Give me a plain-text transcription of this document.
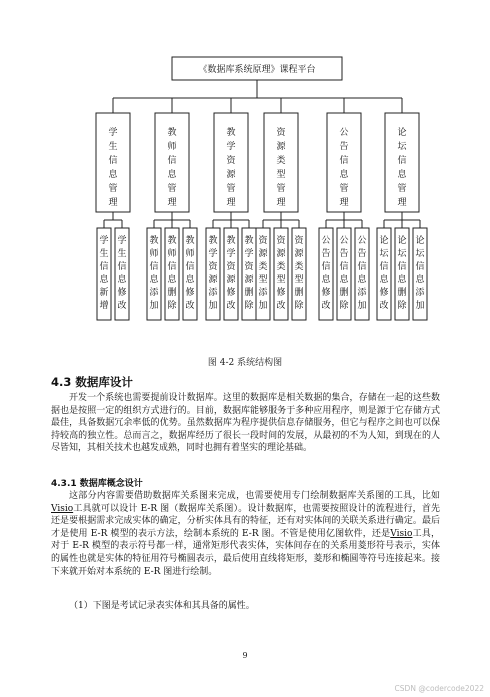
《数据库系统原理》课程平台
学生信息管理
学生信息新增
学生信息修改
教师信息管理
教师信息添加
教师信息删除
教师信息修改
教学资源管理
教学资源添加
教学资源修改
教学资源删除
资源类型管理
资源类型添加
资源类型修改
资源类型删除
公告信息管理
公告信息修改
公告信息删除
公告信息添加
论坛信息管理
论坛信息修改
论坛信息删除
论坛信息添加
图 4-2 系统结构图
4.3 数据库设计

开发一个系统也需要提前设计数据库。这里的数据库是相关数据的集合，存储在一起的这些数据也是按照一定的组织方式进行的。目前，数据库能够服务于多种应用程序，则是源于它存储方式最佳，具备数据冗余率低的优势。虽然数据库为程序提供信息存储服务，但它与程序之间也可以保持较高的独立性。总而言之，数据库经历了很长一段时间的发展，从最初的不为人知，到现在的人尽皆知，其相关技术也越发成熟，同时也拥有着坚实的理论基础。

4.3.1 数据库概念设计

这部分内容需要借助数据库关系图来完成，也需要使用专门绘制数据库关系图的工具，比如Visio工具就可以设计 E-R 图（数据库关系图）。设计数据库，也需要按照设计的流程进行，首先还是要根据需求完成实体的确定，分析实体具有的特征，还有对实体间的关联关系进行确定。最后才是使用 E-R 模型的表示方法，绘制本系统的 E-R 图。不管是使用亿图软件，还是Visio工具，对于 E-R 模型的表示符号都一样，通常矩形代表实体，实体间存在的关系用菱形符号表示，实体的属性也就是实体的特征用符号椭圆表示，最后使用直线将矩形，菱形和椭圆等符号连接起来。接下来就开始对本系统的 E-R 图进行绘制。

（1）下图是考试记录表实体和其具备的属性。

9
CSDN @codercode2022
